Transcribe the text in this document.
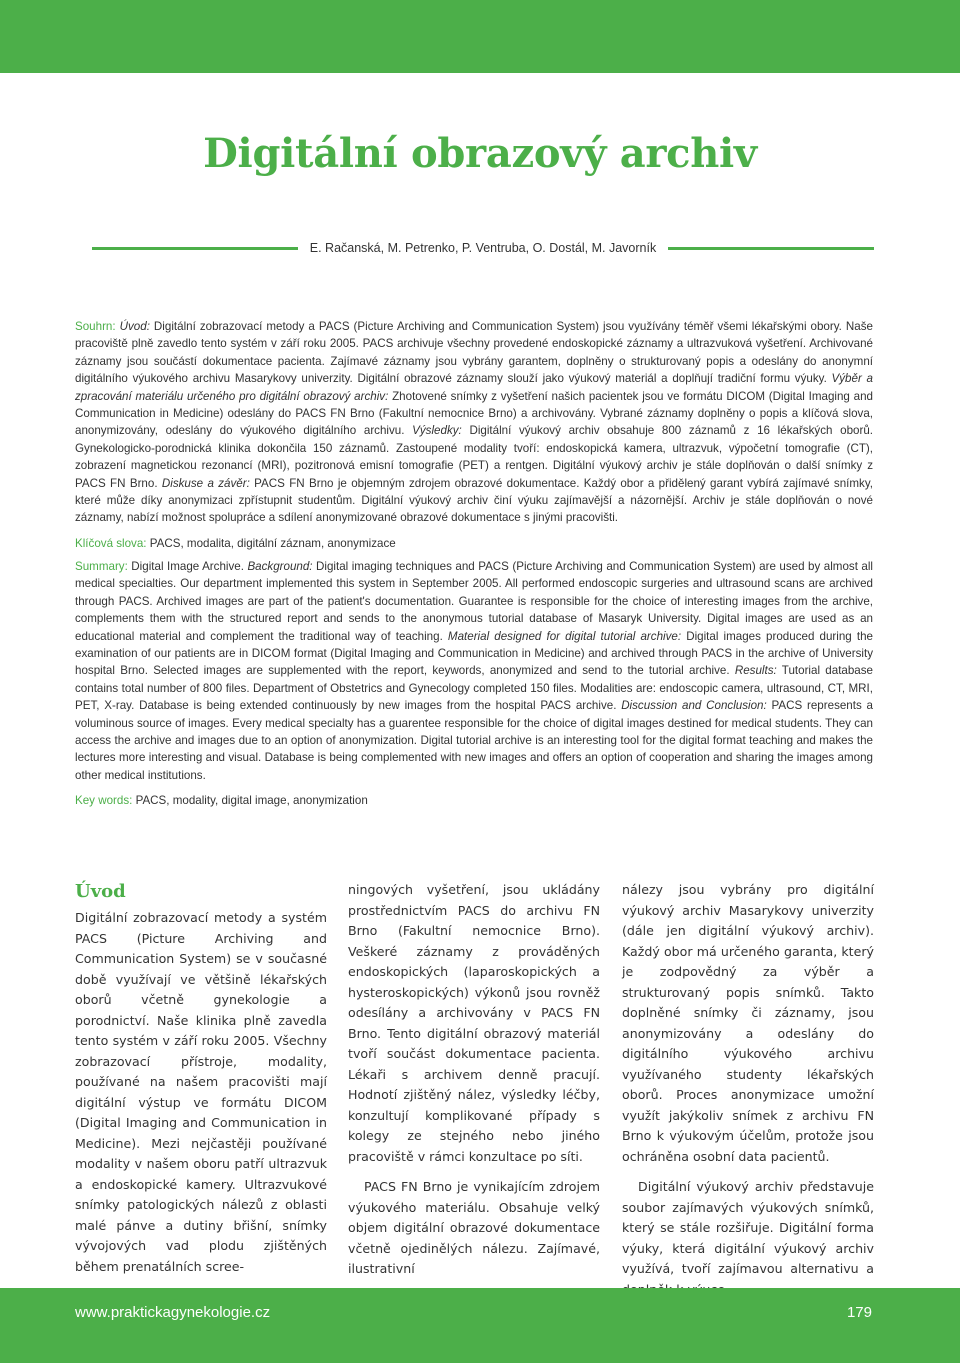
Digitální obrazový archiv
E. Račanská, M. Petrenko, P. Ventruba, O. Dostál, M. Javorník

Souhrn: Úvod: Digitální zobrazovací metody a PACS (Picture Archiving and Communication System) jsou využívány téměř všemi lékařskými obory. Naše pracoviště plně zavedlo tento systém v září roku 2005. PACS archivuje všechny provedené endoskopické záznamy a ultrazvuková vyšetření. Archivované záznamy jsou součástí dokumentace pacienta. Zajímavé záznamy jsou vybrány garantem, doplněny o strukturovaný popis a odeslány do anonymní digitálního výukového archivu Masarykovy univerzity. Digitální obrazové záznamy slouží jako výukový materiál a doplňují tradiční formu výuky. Výběr a zpracování materiálu určeného pro digitální obrazový archiv: Zhotovené snímky z vyšetření našich pacientek jsou ve formátu DICOM (Digital Imaging and Communication in Medicine) odeslány do PACS FN Brno (Fakultní nemocnice Brno) a archivovány. Vybrané záznamy doplněny o popis a klíčová slova, anonymizovány, odeslány do výukového digitálního archivu. Výsledky: Digitální výukový archiv obsahuje 800 záznamů z 16 lékařských oborů. Gynekologicko-porodnická klinika dokončila 150 záznamů. Zastoupené modality tvoří: endoskopická kamera, ultrazvuk, výpočetní tomografie (CT), zobrazení magnetickou rezonancí (MRI), pozitronová emisní tomografie (PET) a rentgen. Digitální výukový archiv je stále doplňován o další snímky z PACS FN Brno. Diskuse a závěr: PACS FN Brno je objemným zdrojem obrazové dokumentace. Každý obor a přidělený garant vybírá zajímavé snímky, které může díky anonymizaci zpřístupnit studentům. Digitální výukový archiv činí výuku zajímavější a názornější. Archiv je stále doplňován o nové záznamy, nabízí možnost spolupráce a sdílení anonymizované obrazové dokumentace s jinými pracovišti.

Klíčová slova: PACS, modalita, digitální záznam, anonymizace

Summary: Digital Image Archive. Background: Digital imaging techniques and PACS (Picture Archiving and Communication System) are used by almost all medical specialties. Our department implemented this system in September 2005. All performed endoscopic surgeries and ultrasound scans are archived through PACS. Archived images are part of the patient's documentation. Guarantee is responsible for the choice of interesting images from the archive, complements them with the structured report and sends to the anonymous tutorial database of Masaryk University. Digital images are used as an educational material and complement the traditional way of teaching. Material designed for digital tutorial archive: Digital images produced during the examination of our patients are in DICOM format (Digital Imaging and Communication in Medicine) and archived through PACS in the archive of University hospital Brno. Selected images are supplemented with the report, keywords, anonymized and send to the tutorial archive. Results: Tutorial database contains total number of 800 files. Department of Obstetrics and Gynecology completed 150 files. Modalities are: endoscopic camera, ultrasound, CT, MRI, PET, X-ray. Database is being extended continuously by new images from the hospital PACS archive. Discussion and Conclusion: PACS represents a voluminous source of images. Every medical specialty has a guarentee responsible for the choice of digital images destined for medical students. They can access the archive and images due to an option of anonymization. Digital tutorial archive is an interesting tool for the digital format teaching and makes the lectures more interesting and visual. Database is being complemented with new images and offers an option of cooperation and sharing the images among other medical institutions.

Key words: PACS, modality, digital image, anonymization

Úvod

Digitální zobrazovací metody a systém PACS (Picture Archiving and Communication System) se v současné době využívají ve většině lékařských oborů včetně gynekologie a porodnictví. Naše klinika plně zavedla tento systém v září roku 2005. Všechny zobrazovací přístroje, modality, používané na našem pracovišti mají digitální výstup ve formátu DICOM (Digital Imaging and Communication in Medicine). Mezi nejčastěji používané modality v našem oboru patří ultrazvuk a endoskopické kamery. Ultrazvukové snímky patologických nálezů z oblasti malé pánve a dutiny břišní, snímky vývojových vad plodu zjištěných během prenatálních scree-

ningových vyšetření, jsou ukládány prostřednictvím PACS do archivu FN Brno (Fakultní nemocnice Brno). Veškeré záznamy z prováděných endoskopických (laparoskopických a hysteroskopických) výkonů jsou rovněž odesílány a archivovány v PACS FN Brno. Tento digitální obrazový materiál tvoří součást dokumentace pacienta. Lékaři s archivem denně pracují. Hodnotí zjištěný nález, výsledky léčby, konzultují komplikované případy s kolegy ze stejného nebo jiného pracoviště v rámci konzultace po síti.

PACS FN Brno je vynikajícím zdrojem výukového materiálu. Obsahuje velký objem digitální obrazové dokumentace včetně ojedinělých nálezu. Zajímavé, ilustrativní

nálezy jsou vybrány pro digitální výukový archiv Masarykovy univerzity (dále jen digitální výukový archiv). Každý obor má určeného garanta, který je zodpovědný za výběr a strukturovaný popis snímků. Takto doplněné snímky či záznamy, jsou anonymizovány a odeslány do digitálního výukového archivu využívaného studenty lékařských oborů. Proces anonymizace umožní využít jakýkoliv snímek z archivu FN Brno k výukovým účelům, protože jsou ochráněna osobní data pacientů.

Digitální výukový archiv představuje soubor zajímavých výukových snímků, který se stále rozšiřuje. Digitální forma výuky, která digitální výukový archiv využívá, tvoří zajímavou alternativu a

www.praktickagynekologie.cz	179
